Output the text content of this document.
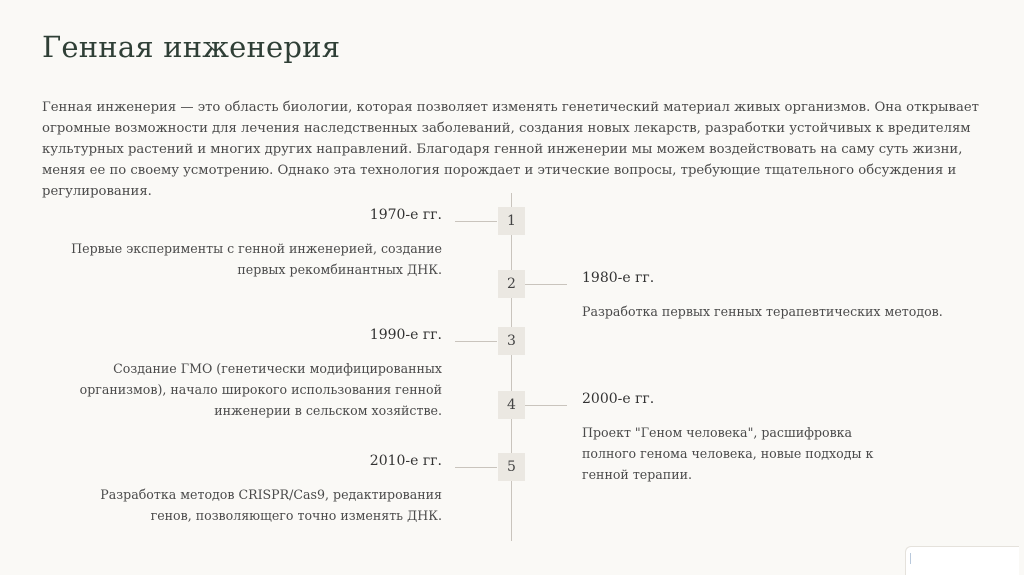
Генная инженерия

Генная инженерия — это область биологии, которая позволяет изменять генетический материал живых организмов. Она открывает огромные возможности для лечения наследственных заболеваний, создания новых лекарств, разработки устойчивых к вредителям культурных растений и многих других направлений. Благодаря генной инженерии мы можем воздействовать на саму суть жизни, меняя ее по своему усмотрению. Однако эта технология порождает и этические вопросы, требующие тщательного обсуждения и регулирования.

1

1970-е гг.

Первые эксперименты с генной инженерией, создание первых рекомбинантных ДНК.

2	1980-е гг.

Разработка первых генных терапевтических методов.

3

1990-е гг.

Создание ГМО (генетически модифицированных организмов), начало широкого использования генной инженерии в сельском хозяйстве.	4	2000-е гг.

Проект "Геном человека", расшифровка полного генома человека, новые подходы к генной терапии.

5

2010-е гг.

Разработка методов CRISPR/Cas9, редактирования генов, позволяющего точно изменять ДНК.
